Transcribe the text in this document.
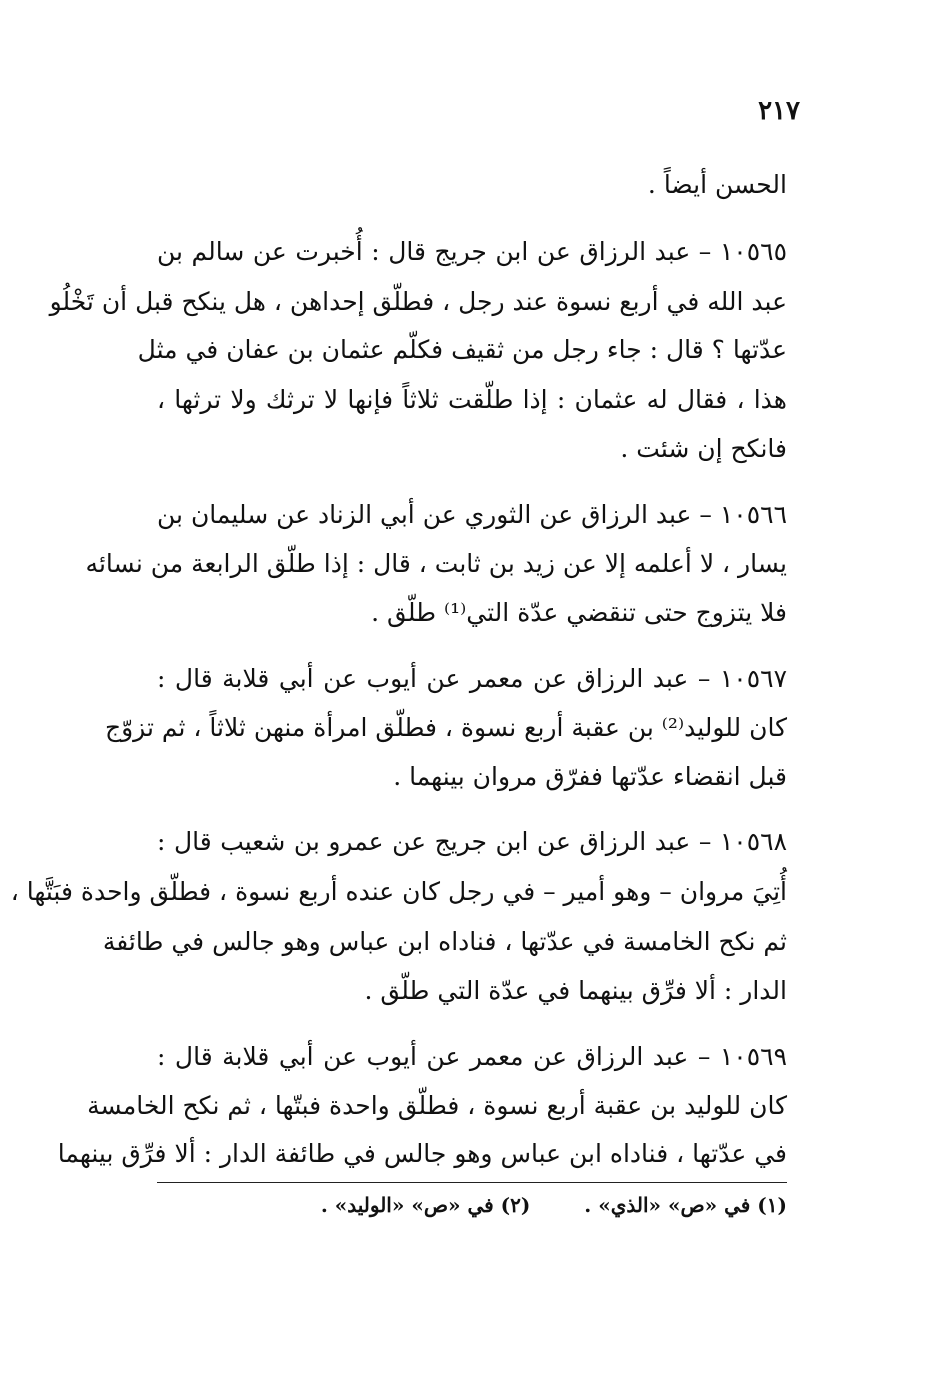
٢١٧
الحسن أيضاً .
١٠٥٦٥ – عبد الرزاق عن ابن جريج قال : أُخبرت عن سالم بن
عبد الله في أربع نسوة عند رجل ، فطلّق إحداهن ، هل ينكح قبل أن تَخْلُو
عدّتها ؟ قال : جاء رجل من ثقيف فكلّم عثمان بن عفان في مثل
هذا ، فقال له عثمان : إذا طلّقت ثلاثاً فإنها لا ترثك ولا ترثها ،
فانكح إن شئت .
١٠٥٦٦ – عبد الرزاق عن الثوري عن أبي الزناد عن سليمان بن
يسار ، لا أعلمه إلا عن زيد بن ثابت ، قال : إذا طلّق الرابعة من نسائه
فلا يتزوج حتى تنقضي عدّة التي⁽¹⁾ طلّق .
١٠٥٦٧ – عبد الرزاق عن معمر عن أيوب عن أبي قلابة قال :
كان للوليد⁽²⁾ بن عقبة أربع نسوة ، فطلّق امرأة منهن ثلاثاً ، ثم تزوّج
قبل انقضاء عدّتها ففرّق مروان بينهما .
١٠٥٦٨ – عبد الرزاق عن ابن جريج عن عمرو بن شعيب قال :
أُتِيَ مروان – وهو أمير – في رجل كان عنده أربع نسوة ، فطلّق واحدة فبَتَّها ،
ثم نكح الخامسة في عدّتها ، فناداه ابن عباس وهو جالس في طائفة
الدار : ألا فرِّق بينهما في عدّة التي طلّق .
١٠٥٦٩ – عبد الرزاق عن معمر عن أيوب عن أبي قلابة قال :
كان للوليد بن عقبة أربع نسوة ، فطلّق واحدة فبتّها ، ثم نكح الخامسة
في عدّتها ، فناداه ابن عباس وهو جالس في طائفة الدار : ألا فرِّق بينهما
(١) في «ص» «الذي» .  (٢) في «ص» «الوليد» .
